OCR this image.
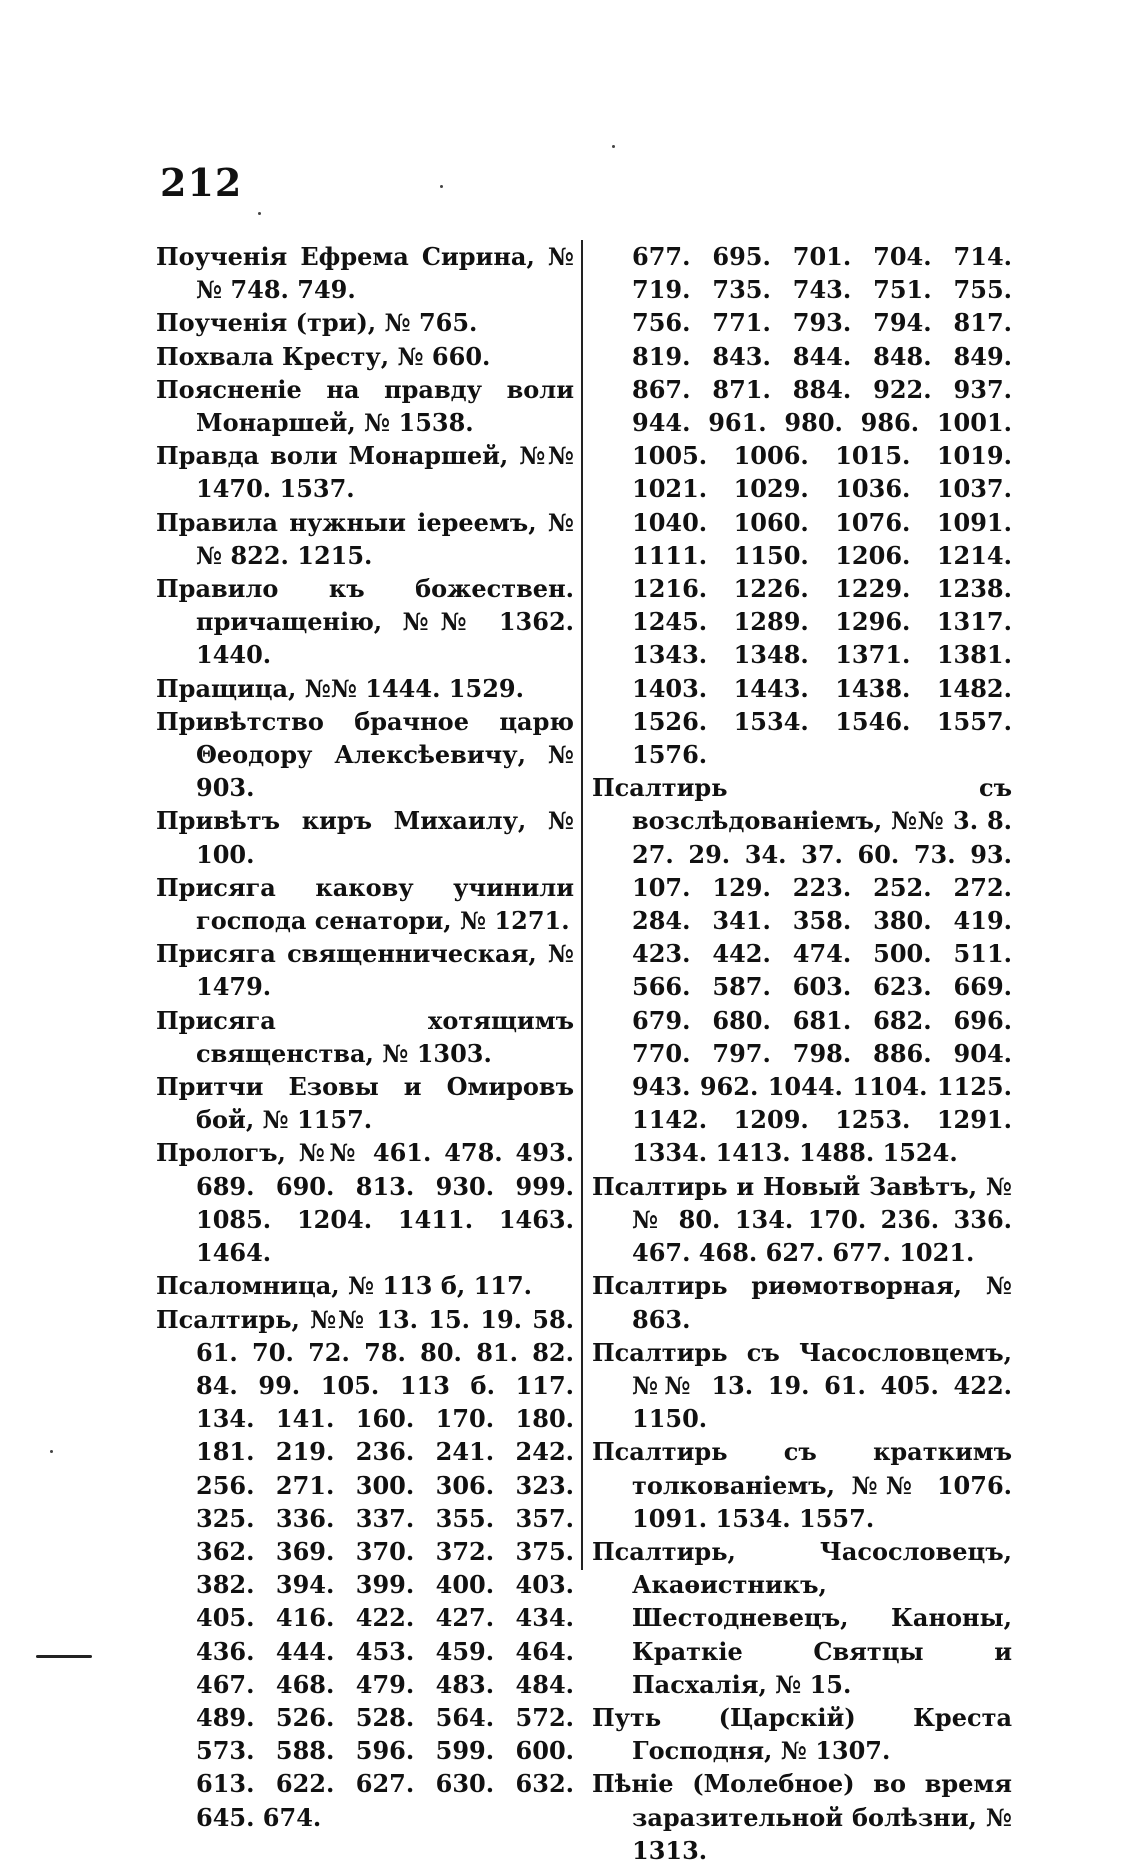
212

Поученія Ефрема Сирина, №№ 748. 749.

Поученія (три), № 765.

Похвала Кресту, № 660.

Поясненіе на правду воли Монаршей, № 1538.

Правда воли Монаршей, №№ 1470. 1537.

Правила нужныи іереемъ, №№ 822. 1215.

Правило къ божествен. причащенію, №№ 1362. 1440.

Пращица, №№ 1444. 1529.

Привѣтство брачное царю Θеодору Алексѣевичу, № 903.

Привѣтъ киръ Михаилу, № 100.

Присяга какову учинили господа сенатори, № 1271.

Присяга священническая, № 1479.

Присяга хотящимъ священства, № 1303.

Притчи Езовы и Омировъ бой, № 1157.

Прологъ, №№ 461. 478. 493. 689. 690. 813. 930. 999. 1085. 1204. 1411. 1463. 1464.

Псаломница, № 113 б, 117.

Псалтирь, №№ 13. 15. 19. 58. 61. 70. 72. 78. 80. 81. 82. 84. 99. 105. 113 б. 117. 134. 141. 160. 170. 180. 181. 219. 236. 241. 242. 256. 271. 300. 306. 323. 325. 336. 337. 355. 357. 362. 369. 370. 372. 375. 382. 394. 399. 400. 403. 405. 416. 422. 427. 434. 436. 444. 453. 459. 464. 467. 468. 479. 483. 484. 489. 526. 528. 564. 572. 573. 588. 596. 599. 600. 613. 622. 627. 630. 632. 645. 674.

677. 695. 701. 704. 714. 719. 735. 743. 751. 755. 756. 771. 793. 794. 817. 819. 843. 844. 848. 849. 867. 871. 884. 922. 937. 944. 961. 980. 986. 1001. 1005. 1006. 1015. 1019. 1021. 1029. 1036. 1037. 1040. 1060. 1076. 1091. 1111. 1150. 1206. 1214. 1216. 1226. 1229. 1238. 1245. 1289. 1296. 1317. 1343. 1348. 1371. 1381. 1403. 1443. 1438. 1482. 1526. 1534. 1546. 1557. 1576.

Псалтирь съ возслѣдованіемъ, №№ 3. 8. 27. 29. 34. 37. 60. 73. 93. 107. 129. 223. 252. 272. 284. 341. 358. 380. 419. 423. 442. 474. 500. 511. 566. 587. 603. 623. 669. 679. 680. 681. 682. 696. 770. 797. 798. 886. 904. 943. 962. 1044. 1104. 1125. 1142. 1209. 1253. 1291. 1334. 1413. 1488. 1524.

Псалтирь и Новый Завѣтъ, №№ 80. 134. 170. 236. 336. 467. 468. 627. 677. 1021.

Псалтирь риѳмотворная, № 863.

Псалтирь съ Часословцемъ, №№ 13. 19. 61. 405. 422. 1150.

Псалтирь съ краткимъ толкованіемъ, №№ 1076. 1091. 1534. 1557.

Псалтирь, Часословецъ, Акаѳистникъ, Шестодневецъ, Каноны, Краткіе Святцы и Пасхалія, № 15.

Путь (Царскій) Креста Господня, № 1307.

Пѣніе (Молебное) во время заразительной болѣзни, № 1313.
